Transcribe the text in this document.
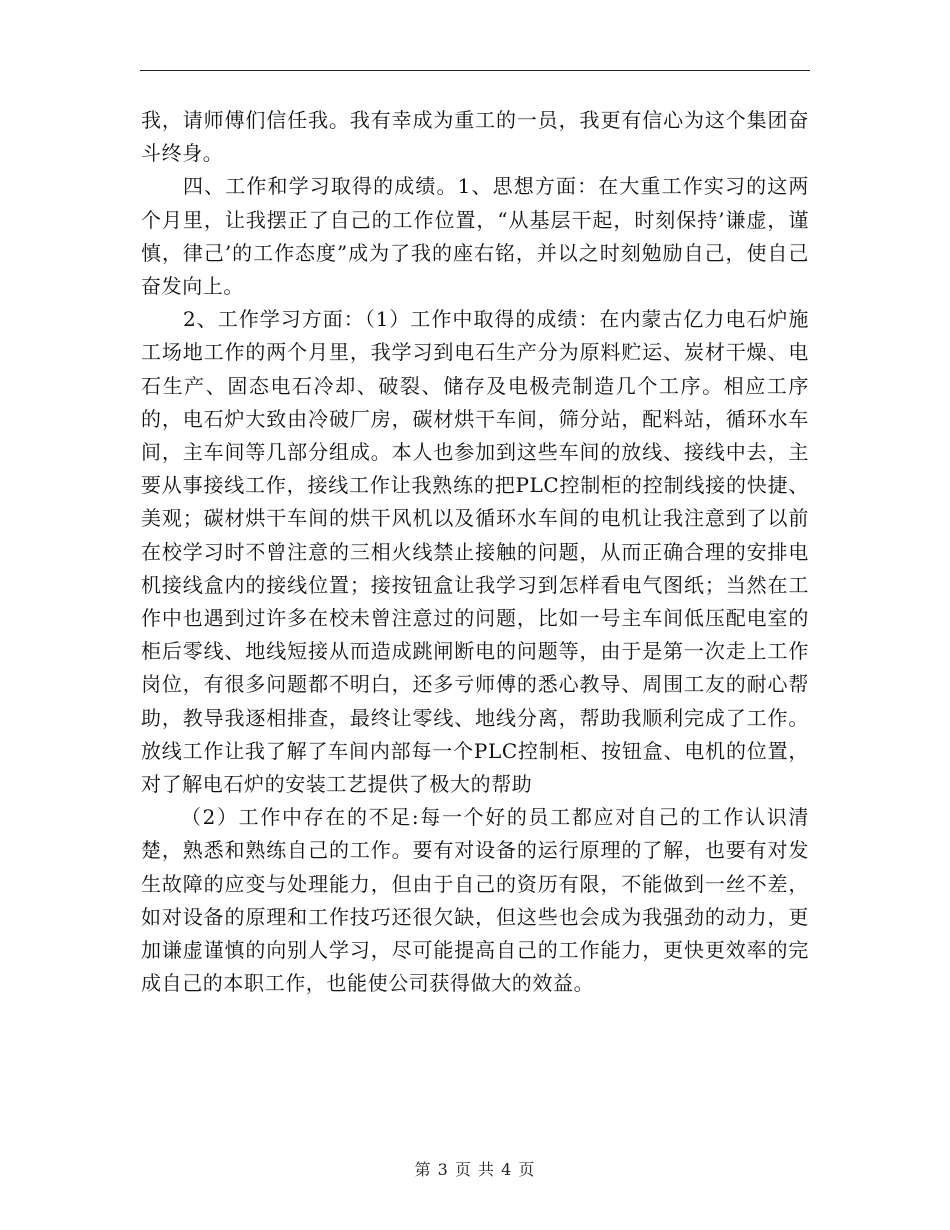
我，请师傅们信任我。我有幸成为重工的一员，我更有信心为这个集团奋斗终身。

四、工作和学习取得的成绩。1、思想方面：在大重工作实习的这两个月里，让我摆正了自己的工作位置，“从基层干起，时刻保持’谦虚，谨慎，律己’的工作态度”成为了我的座右铭，并以之时刻勉励自己，使自己奋发向上。

2、工作学习方面：（1）工作中取得的成绩：在内蒙古亿力电石炉施工场地工作的两个月里，我学习到电石生产分为原料贮运、炭材干燥、电石生产、固态电石冷却、破裂、储存及电极壳制造几个工序。相应工序的，电石炉大致由冷破厂房，碳材烘干车间，筛分站，配料站，循环水车间，主车间等几部分组成。本人也参加到这些车间的放线、接线中去，主要从事接线工作，接线工作让我熟练的把PLC控制柜的控制线接的快捷、美观；碳材烘干车间的烘干风机以及循环水车间的电机让我注意到了以前在校学习时不曾注意的三相火线禁止接触的问题，从而正确合理的安排电机接线盒内的接线位置；接按钮盒让我学习到怎样看电气图纸；当然在工作中也遇到过许多在校未曾注意过的问题，比如一号主车间低压配电室的柜后零线、地线短接从而造成跳闸断电的问题等，由于是第一次走上工作岗位，有很多问题都不明白，还多亏师傅的悉心教导、周围工友的耐心帮助，教导我逐相排查，最终让零线、地线分离，帮助我顺利完成了工作。放线工作让我了解了车间内部每一个PLC控制柜、按钮盒、电机的位置，对了解电石炉的安装工艺提供了极大的帮助

（2）工作中存在的不足:每一个好的员工都应对自己的工作认识清楚，熟悉和熟练自己的工作。要有对设备的运行原理的了解，也要有对发生故障的应变与处理能力，但由于自己的资历有限，不能做到一丝不差，如对设备的原理和工作技巧还很欠缺，但这些也会成为我强劲的动力，更加谦虚谨慎的向别人学习，尽可能提高自己的工作能力，更快更效率的完成自己的本职工作，也能使公司获得做大的效益。

第 3 页 共 4 页
